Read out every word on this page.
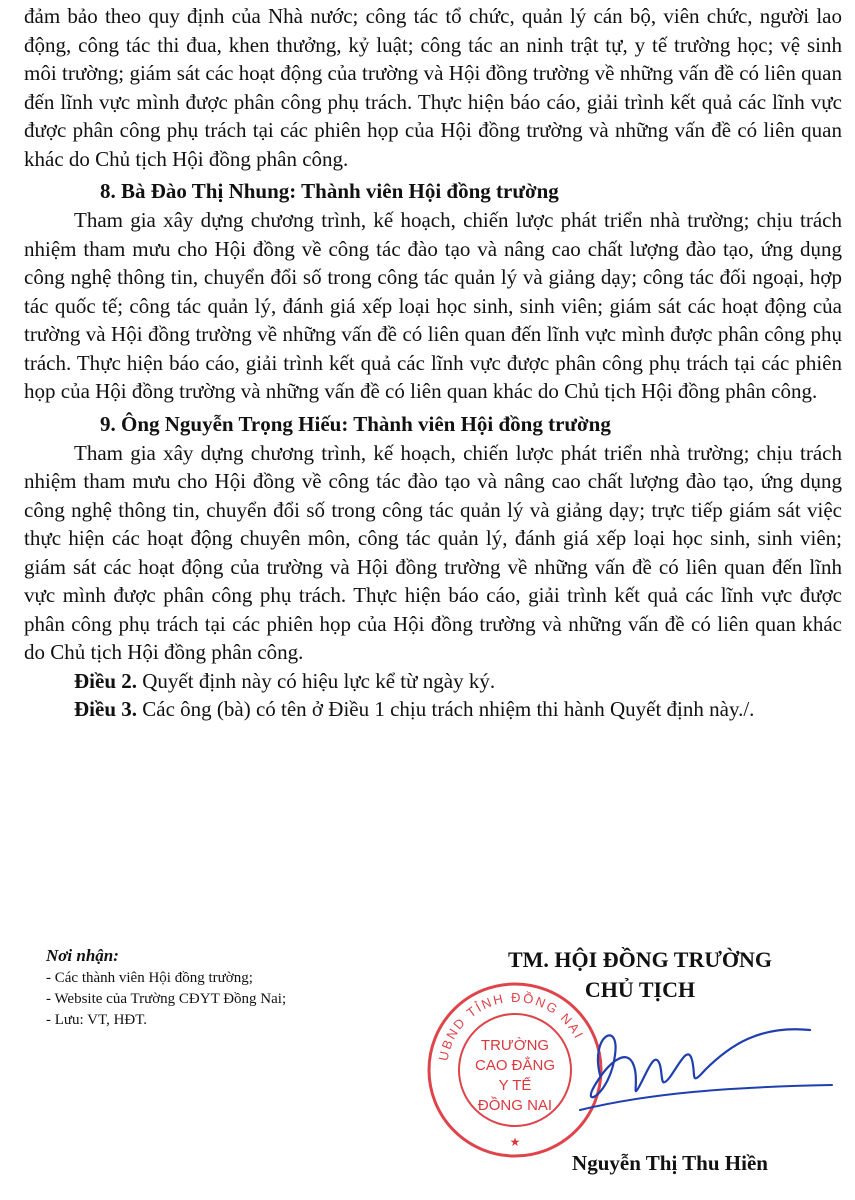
đảm bảo theo quy định của Nhà nước; công tác tổ chức, quản lý cán bộ, viên chức, người lao động, công tác thi đua, khen thưởng, kỷ luật; công tác an ninh trật tự, y tế trường học; vệ sinh môi trường; giám sát các hoạt động của trường và Hội đồng trường về những vấn đề có liên quan đến lĩnh vực mình được phân công phụ trách. Thực hiện báo cáo, giải trình kết quả các lĩnh vực được phân công phụ trách tại các phiên họp của Hội đồng trường và những vấn đề có liên quan khác do Chủ tịch Hội đồng phân công.

8. Bà Đào Thị Nhung: Thành viên Hội đồng trường

Tham gia xây dựng chương trình, kế hoạch, chiến lược phát triển nhà trường; chịu trách nhiệm tham mưu cho Hội đồng về công tác đào tạo và nâng cao chất lượng đào tạo, ứng dụng công nghệ thông tin, chuyển đổi số trong công tác quản lý và giảng dạy; công tác đối ngoại, hợp tác quốc tế; công tác quản lý, đánh giá xếp loại học sinh, sinh viên; giám sát các hoạt động của trường và Hội đồng trường về những vấn đề có liên quan đến lĩnh vực mình được phân công phụ trách. Thực hiện báo cáo, giải trình kết quả các lĩnh vực được phân công phụ trách tại các phiên họp của Hội đồng trường và những vấn đề có liên quan khác do Chủ tịch Hội đồng phân công.

9. Ông Nguyễn Trọng Hiếu: Thành viên Hội đồng trường

Tham gia xây dựng chương trình, kế hoạch, chiến lược phát triển nhà trường; chịu trách nhiệm tham mưu cho Hội đồng về công tác đào tạo và nâng cao chất lượng đào tạo, ứng dụng công nghệ thông tin, chuyển đổi số trong công tác quản lý và giảng dạy; trực tiếp giám sát việc thực hiện các hoạt động chuyên môn, công tác quản lý, đánh giá xếp loại học sinh, sinh viên; giám sát các hoạt động của trường và Hội đồng trường về những vấn đề có liên quan đến lĩnh vực mình được phân công phụ trách. Thực hiện báo cáo, giải trình kết quả các lĩnh vực được phân công phụ trách tại các phiên họp của Hội đồng trường và những vấn đề có liên quan khác do Chủ tịch Hội đồng phân công.

Điều 2. Quyết định này có hiệu lực kể từ ngày ký.

Điều 3. Các ông (bà) có tên ở Điều 1 chịu trách nhiệm thi hành Quyết định này./.

Nơi nhận:
- Các thành viên Hội đồng trường;
- Website của Trường CĐYT Đồng Nai;
- Lưu: VT, HĐT.
TM. HỘI ĐỒNG TRƯỜNG
CHỦ TỊCH
Nguyễn Thị Thu Hiền
UBND TỈNH ĐỒNG NAI
TRƯỜNG
CAO ĐẲNG
Y TẾ
ĐỒNG NAI
★
